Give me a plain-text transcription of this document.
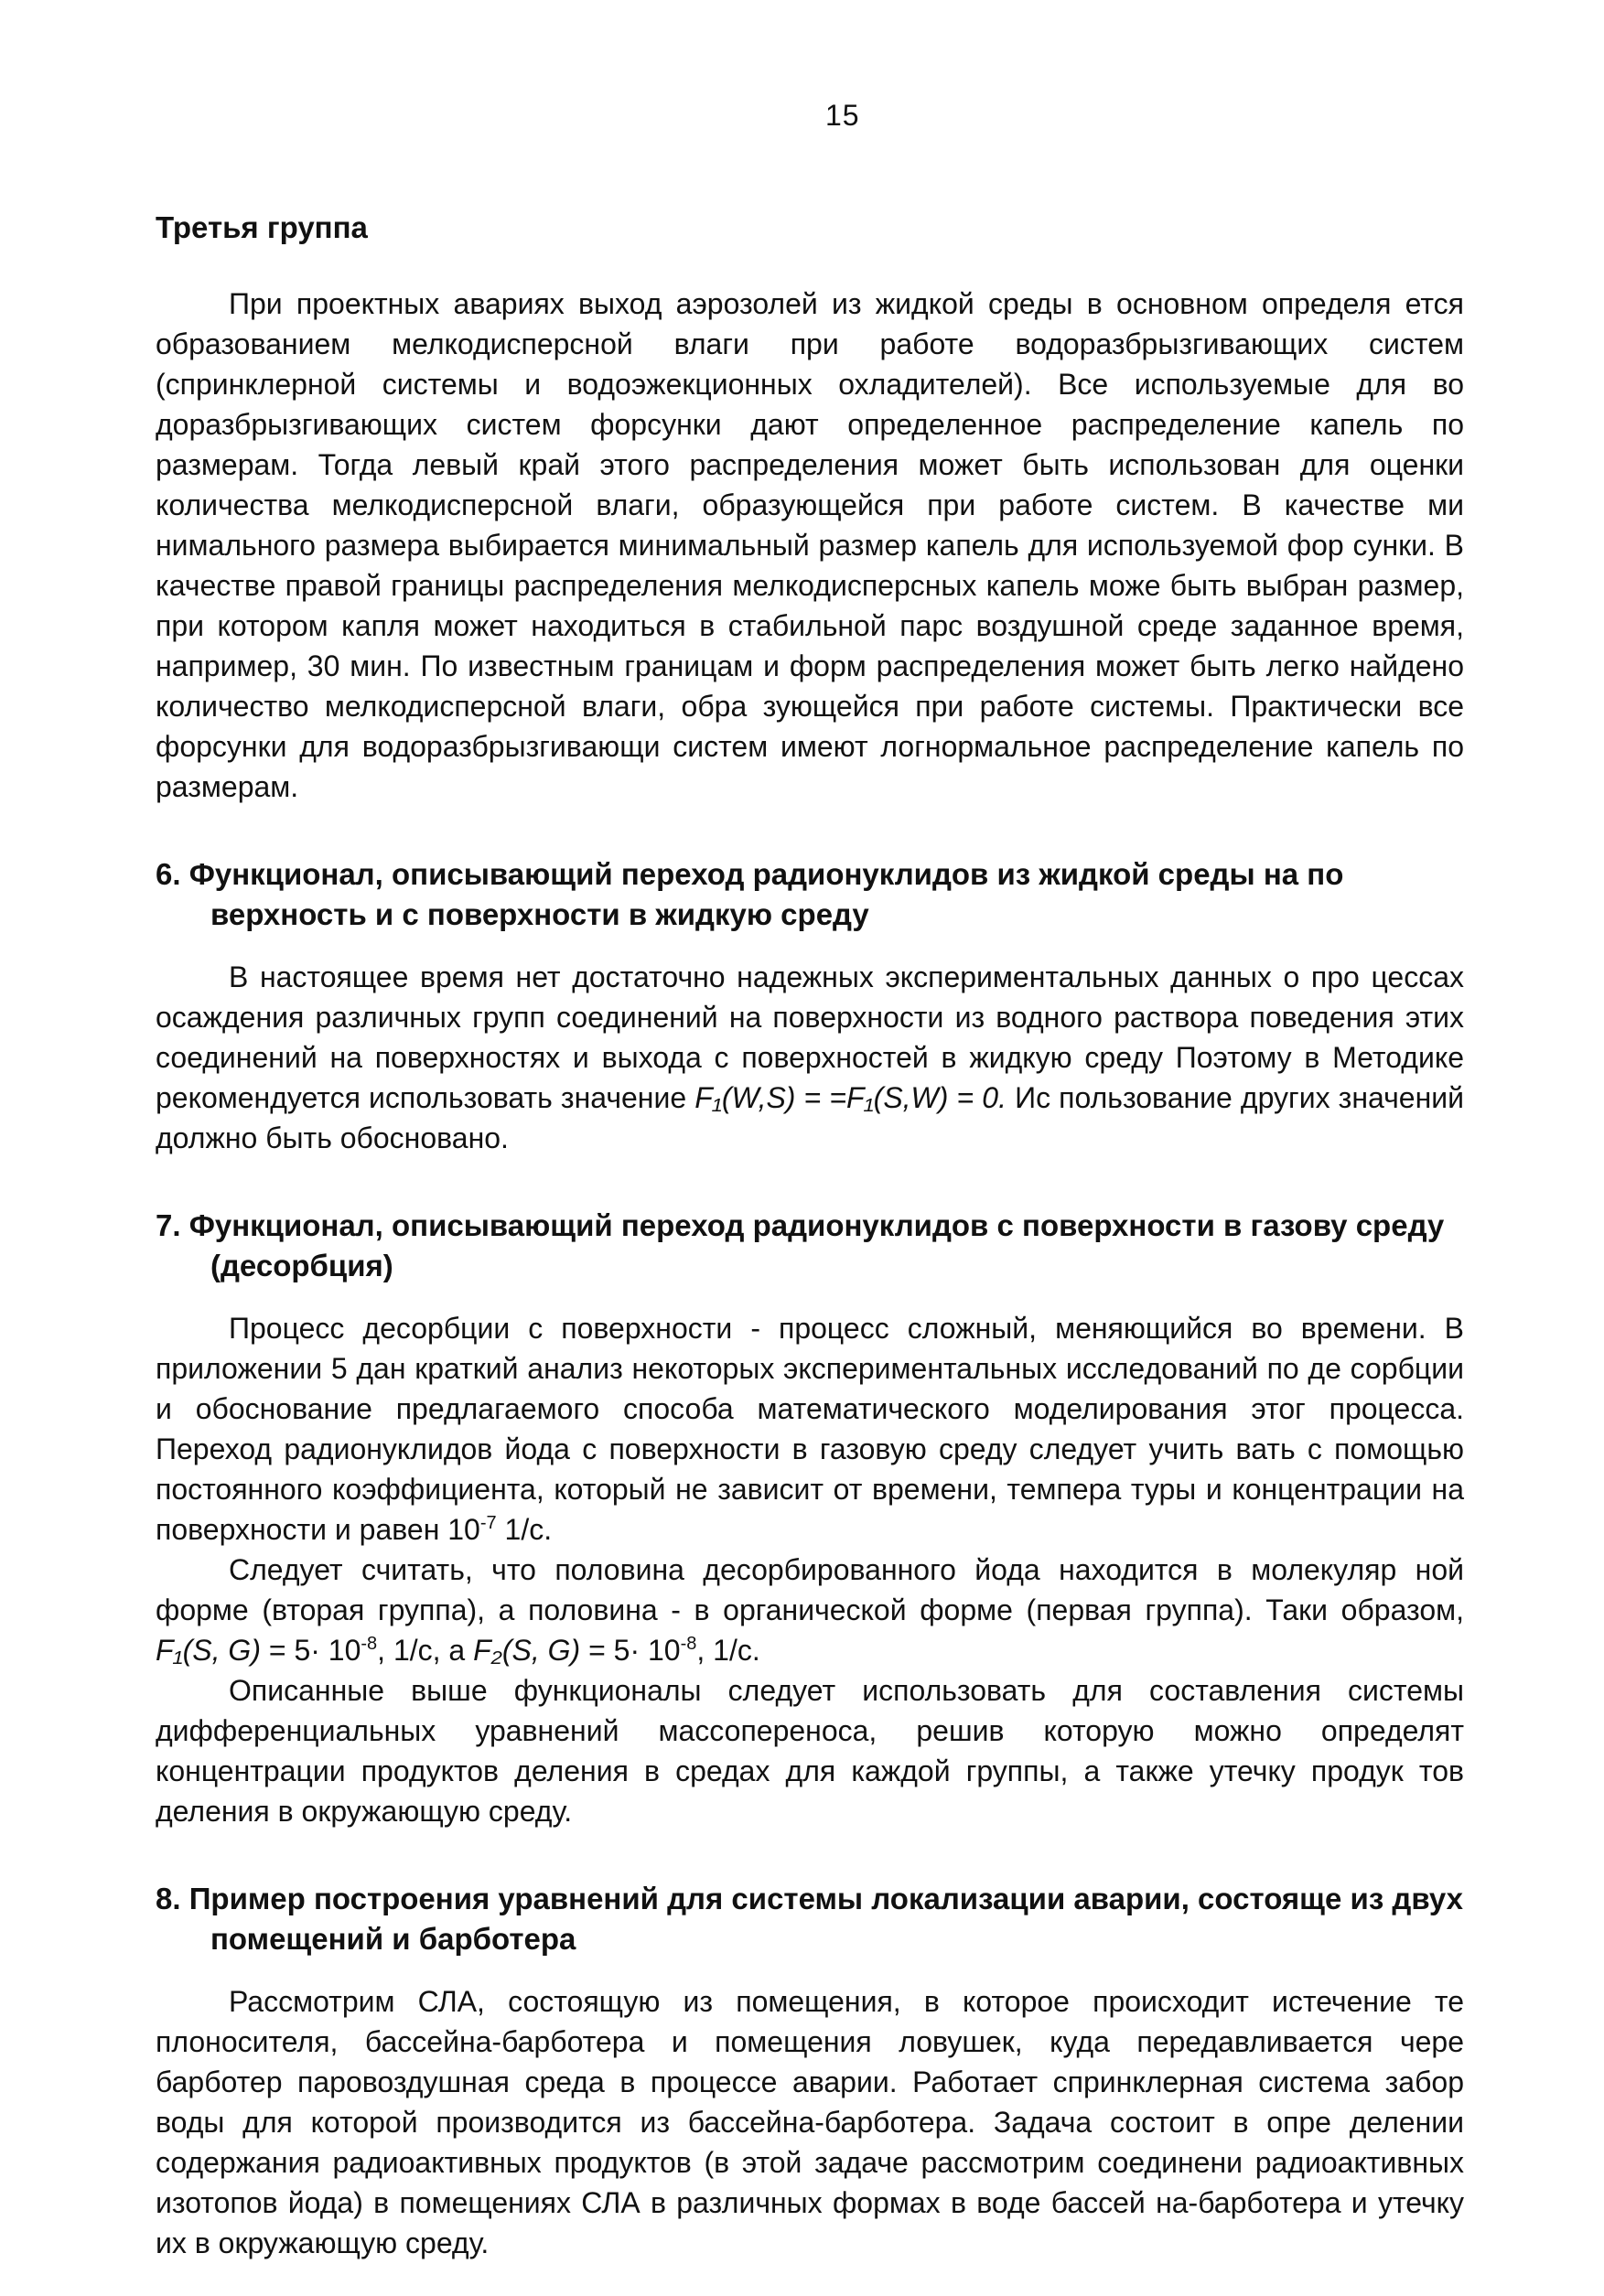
15
Третья группа

При проектных авариях выход аэрозолей из жидкой среды в основном определя ется образованием мелкодисперсной влаги при работе водоразбрызгивающих систем (спринклерной системы и водоэжекционных охладителей). Все используемые для во доразбрызгивающих систем форсунки дают определенное распределение капель по размерам. Тогда левый край этого распределения может быть использован для оценки количества мелкодисперсной влаги, образующейся при работе систем. В качестве ми нимального размера выбирается минимальный размер капель для используемой фор сунки. В качестве правой границы распределения мелкодисперсных капель може быть выбран размер, при котором капля может находиться в стабильной парс воздушной среде заданное время, например, 30 мин. По известным границам и форм распределения может быть легко найдено количество мелкодисперсной влаги, обра зующейся при работе системы. Практически все форсунки для водоразбрызгивающи систем имеют логнормальное распределение капель по размерам.

6. Функционал, описывающий переход радионуклидов из жидкой среды на по верхность и с поверхности в жидкую среду

В настоящее время нет достаточно надежных экспериментальных данных о про цессах осаждения различных групп соединений на поверхности из водного раствора поведения этих соединений на поверхностях и выхода с поверхностей в жидкую среду Поэтому в Методике рекомендуется использовать значение F₁(W,S) = =F₁(S,W) = 0. Ис пользование других значений должно быть обосновано.

7. Функционал, описывающий переход радионуклидов с поверхности в газову среду (десорбция)

Процесс десорбции с поверхности - процесс сложный, меняющийся во времени. В приложении 5 дан краткий анализ некоторых экспериментальных исследований по де сорбции и обоснование предлагаемого способа математического моделирования этог процесса. Переход радионуклидов йода с поверхности в газовую среду следует учить вать с помощью постоянного коэффициента, который не зависит от времени, темпера туры и концентрации на поверхности и равен $10^{-7}$ 1/с.

Следует считать, что половина десорбированного йода находится в молекуляр ной форме (вторая группа), а половина - в органической форме (первая группа). Таки образом, F₁(S, $G) = 5\cdot 10^{-8}$, 1/с, а F₂(S, $G) = 5\cdot 10^{-8}$, 1/с.

Описанные выше функционалы следует использовать для составления системы дифференциальных уравнений массопереноса, решив которую можно определят концентрации продуктов деления в средах для каждой группы, а также утечку продук тов деления в окружающую среду.

8. Пример построения уравнений для системы локализации аварии, состояще из двух помещений и барботера

Рассмотрим СЛА, состоящую из помещения, в которое происходит истечение те плоносителя, бассейна-барботера и помещения ловушек, куда передавливается чере барботер паровоздушная среда в процессе аварии. Работает спринклерная система забор воды для которой производится из бассейна-барботера. Задача состоит в опре делении содержания радиоактивных продуктов (в этой задаче рассмотрим соединени радиоактивных изотопов йода) в помещениях СЛА в различных формах в воде бассей на-барботера и утечку их в окружающую среду.
